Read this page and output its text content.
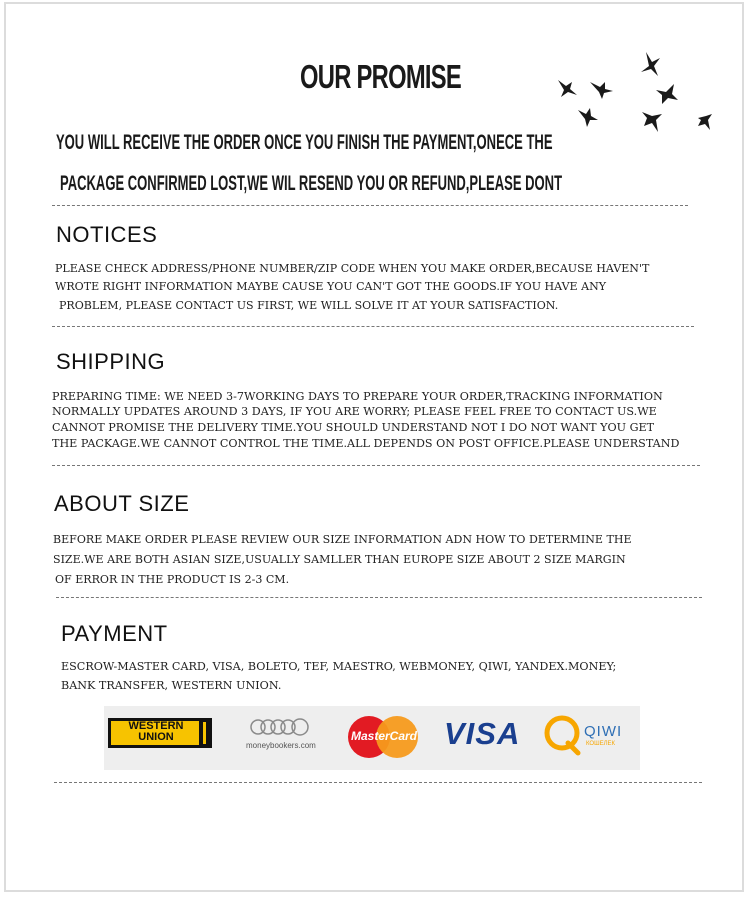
OUR PROMISE
YOU WILL RECEIVE THE ORDER ONCE YOU FINISH THE PAYMENT,ONECE THE
PACKAGE CONFIRMED LOST,WE WIL RESEND YOU OR REFUND,PLEASE DONT
NOTICES
PLEASE CHECK ADDRESS/PHONE NUMBER/ZIP CODE WHEN YOU MAKE ORDER,BECAUSE HAVEN'T
WROTE RIGHT INFORMATION MAYBE CAUSE YOU CAN'T GOT THE GOODS.IF YOU HAVE ANY
PROBLEM, PLEASE CONTACT US FIRST, WE WILL SOLVE IT AT YOUR SATISFACTION.
SHIPPING
PREPARING TIME: WE NEED 3-7WORKING DAYS TO PREPARE YOUR ORDER,TRACKING INFORMATION
NORMALLY UPDATES AROUND 3 DAYS, IF YOU ARE WORRY; PLEASE FEEL FREE TO CONTACT US.WE
CANNOT PROMISE THE DELIVERY TIME.YOU SHOULD UNDERSTAND NOT I DO NOT WANT YOU GET
THE PACKAGE.WE CANNOT CONTROL THE TIME.ALL DEPENDS ON POST OFFICE.PLEASE UNDERSTAND
ABOUT SIZE
BEFORE MAKE ORDER PLEASE REVIEW OUR SIZE INFORMATION ADN HOW TO DETERMINE THE
SIZE.WE ARE BOTH ASIAN SIZE,USUALLY SAMLLER THAN EUROPE SIZE ABOUT 2 SIZE MARGIN
OF ERROR IN THE PRODUCT IS 2-3 CM.
PAYMENT
ESCROW-MASTER CARD, VISA, BOLETO, TEF, MAESTRO, WEBMONEY, QIWI, YANDEX.MONEY;
BANK TRANSFER, WESTERN UNION.
WESTERN
UNION
moneybookers.com
MasterCard VISA	QIWI
КОШЕЛЕК
